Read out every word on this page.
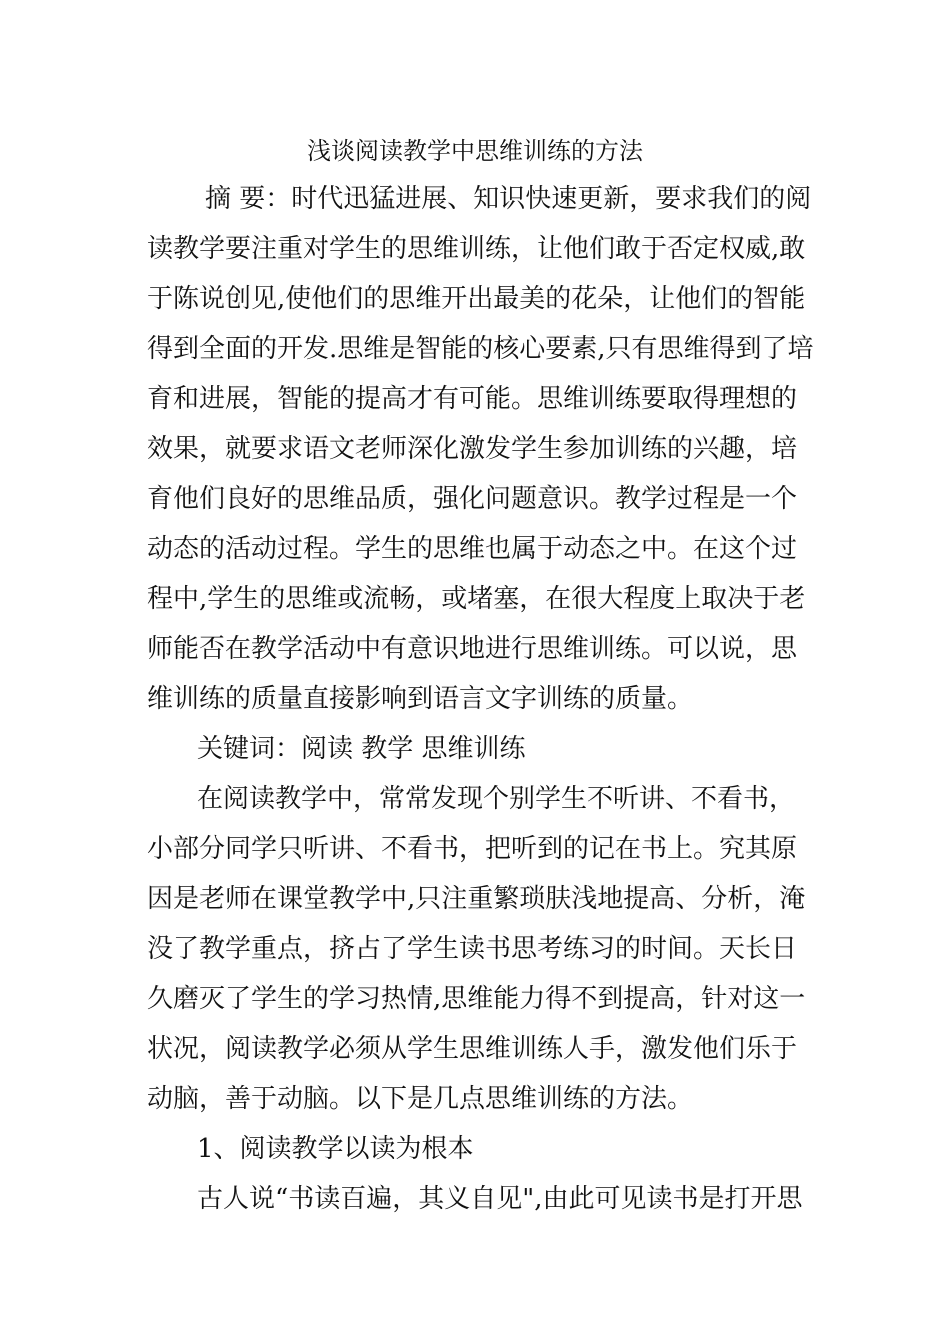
浅谈阅读教学中思维训练的方法
摘 要：时代迅猛进展、知识快速更新，要求我们的阅
读教学要注重对学生的思维训练，让他们敢于否定权威,敢
于陈说创见,使他们的思维开出最美的花朵，让他们的智能
得到全面的开发.思维是智能的核心要素,只有思维得到了培
育和进展，智能的提高才有可能。思维训练要取得理想的
效果，就要求语文老师深化激发学生参加训练的兴趣，培
育他们良好的思维品质，强化问题意识。教学过程是一个
动态的活动过程。学生的思维也属于动态之中。在这个过
程中,学生的思维或流畅，或堵塞，在很大程度上取决于老
师能否在教学活动中有意识地进行思维训练。可以说，思
维训练的质量直接影响到语言文字训练的质量。
关键词：阅读 教学 思维训练
在阅读教学中，常常发现个别学生不听讲、不看书，
小部分同学只听讲、不看书，把听到的记在书上。究其原
因是老师在课堂教学中,只注重繁琐肤浅地提高、分析，淹
没了教学重点，挤占了学生读书思考练习的时间。天长日
久磨灭了学生的学习热情,思维能力得不到提高，针对这一
状况，阅读教学必须从学生思维训练人手，激发他们乐于
动脑，善于动脑。以下是几点思维训练的方法。
1、阅读教学以读为根本
古人说“书读百遍，其义自见",由此可见读书是打开思
